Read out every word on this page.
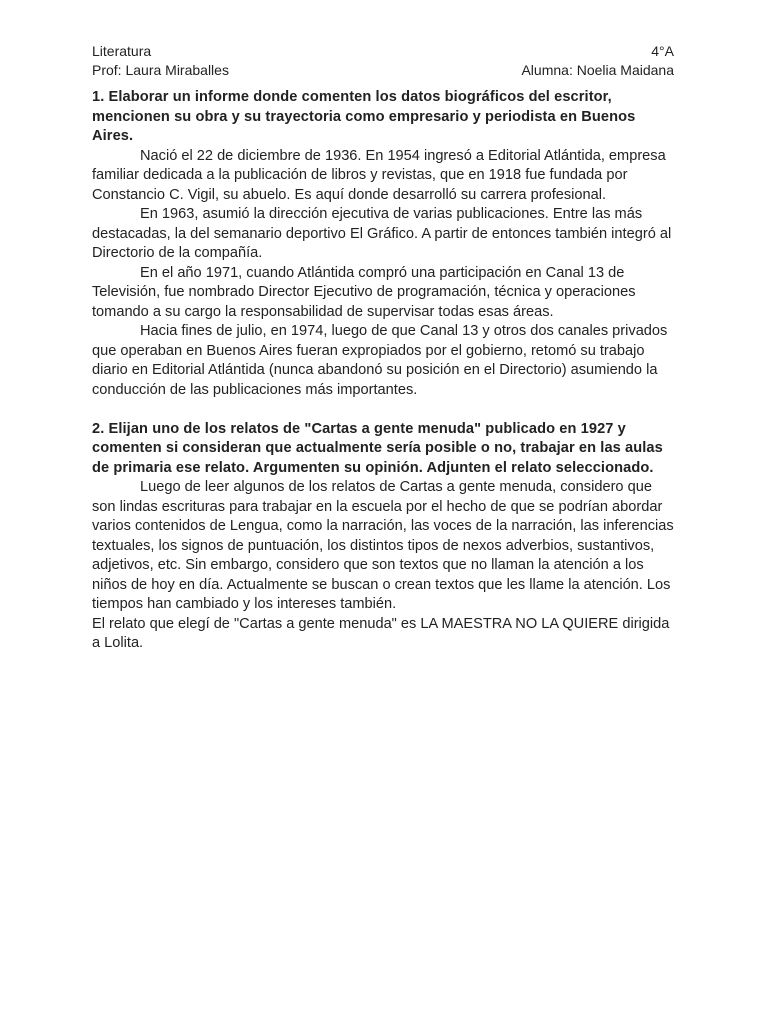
Literatura	4°A
Prof: Laura Miraballes	Alumna: Noelia Maidana

1. Elaborar un informe donde comenten los datos biográficos del escritor, mencionen su obra y su trayectoria como empresario y periodista en Buenos Aires.

Nació el 22 de diciembre de 1936. En 1954 ingresó a Editorial Atlántida, empresa familiar dedicada a la publicación de libros y revistas, que en 1918 fue fundada por Constancio C. Vigil, su abuelo. Es aquí donde desarrolló su carrera profesional.

En 1963, asumió la dirección ejecutiva de varias publicaciones. Entre las más destacadas, la del semanario deportivo El Gráfico. A partir de entonces también integró al Directorio de la compañía.

En el año 1971, cuando Atlántida compró una participación en Canal 13 de Televisión, fue nombrado Director Ejecutivo de programación, técnica y operaciones tomando a su cargo la responsabilidad de supervisar todas esas áreas.

Hacia fines de julio, en 1974, luego de que Canal 13 y otros dos canales privados que operaban en Buenos Aires fueran expropiados por el gobierno, retomó su trabajo diario en Editorial Atlántida (nunca abandonó su posición en el Directorio) asumiendo la conducción de las publicaciones más importantes.

2. Elijan uno de los relatos de "Cartas a gente menuda" publicado en 1927 y comenten si consideran que actualmente sería posible o no, trabajar en las aulas de primaria ese relato. Argumenten su opinión. Adjunten el relato seleccionado.

Luego de leer algunos de los relatos de Cartas a gente menuda, considero que son lindas escrituras para trabajar en la escuela por el hecho de que se podrían abordar varios contenidos de Lengua, como la narración, las voces de la narración, las inferencias textuales, los signos de puntuación, los distintos tipos de nexos adverbios, sustantivos, adjetivos, etc. Sin embargo, considero que son textos que no llaman la atención a los niños de hoy en día. Actualmente se buscan o crean textos que les llame la atención. Los tiempos han cambiado y los intereses también.

El relato que elegí de "Cartas a gente menuda" es LA MAESTRA NO LA QUIERE dirigida a Lolita.
